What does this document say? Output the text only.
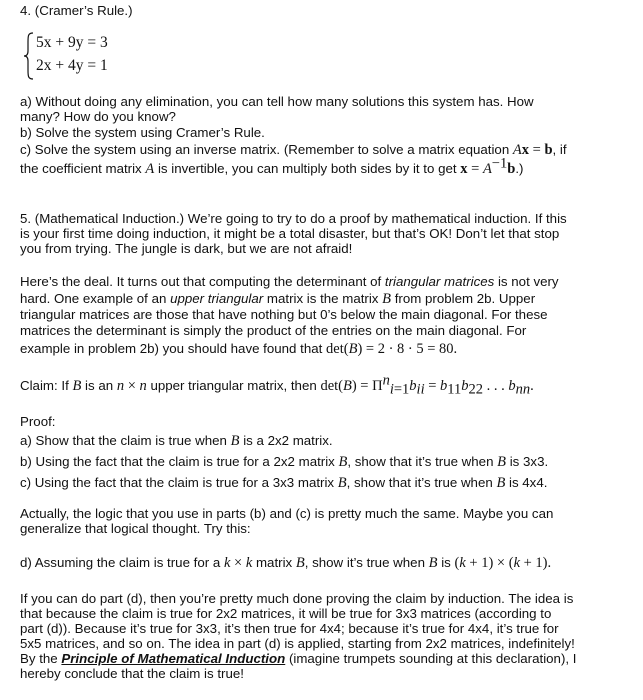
4. (Cramer’s Rule.)
5x + 9y = 3
2x + 4y = 1
a) Without doing any elimination, you can tell how many solutions this system has. How
many? How do you know?
b) Solve the system using Cramer’s Rule.
c) Solve the system using an inverse matrix. (Remember to solve a matrix equation Ax = b, if
the coefficient matrix A is invertible, you can multiply both sides by it to get $x = A^{-1}b$.)
5. (Mathematical Induction.) We’re going to try to do a proof by mathematical induction. If this
is your first time doing induction, it might be a total disaster, but that’s OK! Don’t let that stop
you from trying. The jungle is dark, but we are not afraid!
Here’s the deal. It turns out that computing the determinant of triangular matrices is not very
hard. One example of an upper triangular matrix is the matrix B from problem 2b. Upper
triangular matrices are those that have nothing but 0’s below the main diagonal. For these
matrices the determinant is simply the product of the entries on the main diagonal. For
example in problem 2b) you should have found that det(B) = 2 · 8 · 5 = 80.
Claim: If B is an n × n upper triangular matrix, then $\det(B) = \Pi^n_{i=1}b_{ii} = b_{11}b_{22}$ . . . $b_{nn}$.
Proof:
a) Show that the claim is true when B is a 2x2 matrix.
b) Using the fact that the claim is true for a 2x2 matrix B, show that it’s true when B is 3x3.
c) Using the fact that the claim is true for a 3x3 matrix B, show that it’s true when B is 4x4.
Actually, the logic that you use in parts (b) and (c) is pretty much the same. Maybe you can
generalize that logical thought. Try this:
d) Assuming the claim is true for a k × k matrix B, show it’s true when B is (k + 1) × (k + 1).
If you can do part (d), then you’re pretty much done proving the claim by induction. The idea is
that because the claim is true for 2x2 matrices, it will be true for 3x3 matrices (according to
part (d)). Because it’s true for 3x3, it’s then true for 4x4; because it’s true for 4x4, it’s true for
5x5 matrices, and so on. The idea in part (d) is applied, starting from 2x2 matrices, indefinitely!
By the Principle of Mathematical Induction (imagine trumpets sounding at this declaration), I
hereby conclude that the claim is true!
